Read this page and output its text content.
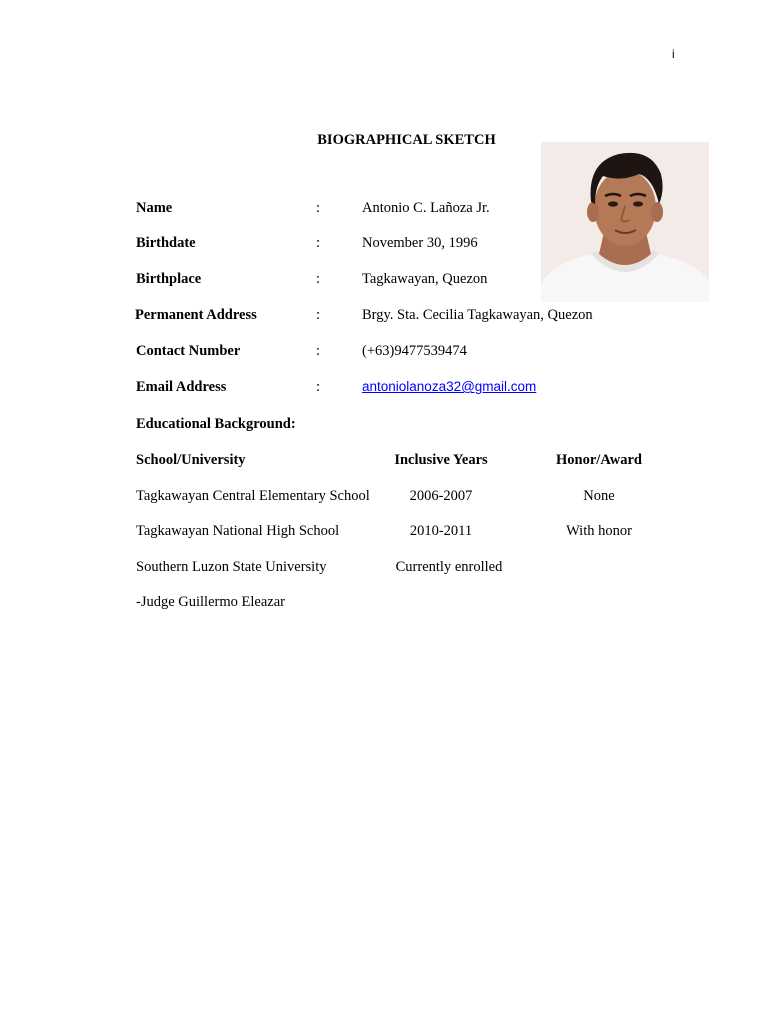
i
BIOGRAPHICAL SKETCH
Name	:	Antonio C. Lañoza Jr.
Birthdate	:	November 30, 1996
Birthplace	:	Tagkawayan, Quezon
Permanent Address	:	Brgy. Sta. Cecilia Tagkawayan, Quezon
Contact Number	:	(+63)9477539474
Email Address	:	antoniolanoza32@gmail.com
Educational Background:
School/University	Inclusive Years	Honor/Award
Tagkawayan Central Elementary School	2006-2007	None
Tagkawayan National High School	2010-2011	With honor
Southern Luzon State University	Currently enrolled
-Judge Guillermo Eleazar
